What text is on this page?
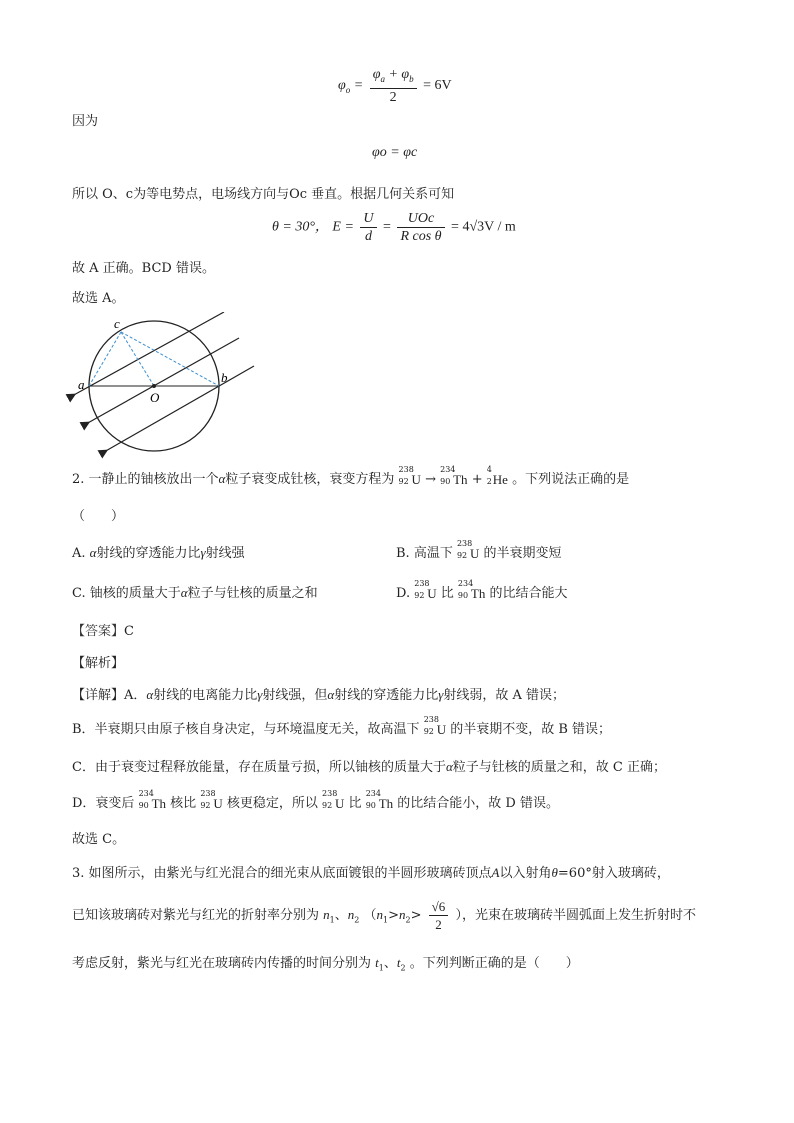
$\varphi_o = \frac{\varphi_a + \varphi_b}{2} = 6V$
因为
φo = φc
所以 O、c为等电势点，电场线方向与Oc 垂直。根据几何关系可知
θ = 30°， $E = \frac{U}{d} = \frac{\text{UOc}}{\text{R cos θ}} = 4√3V / m$
故 A 正确。BCD 错误。
故选 A。
c
a	b
O
2. 一静止的铀核放出一个α粒子衰变成钍核，衰变方程为
238
92 U →
234
90 Th +
4
2 He 。下列说法正确的是
（　　）
A. α射线的穿透能力比γ射线强	B. 高温下
238
92 U 的半衰期变短
C. 铀核的质量大于α粒子与钍核的质量之和	D.
238
92 U 比
234
90 Th 的比结合能大
【答案】C
【解析】
【详解】A．α射线的电离能力比γ射线强，但α射线的穿透能力比γ射线弱，故 A 错误；
B．半衰期只由原子核自身决定，与环境温度无关，故高温下
238
92 U 的半衰期不变，故 B 错误；
C．由于衰变过程释放能量，存在质量亏损，所以铀核的质量大于α粒子与钍核的质量之和，故 C 正确；
D．衰变后
234
90 Th 核比
238
92 U 核更稳定，所以
238
92 U 比
234
90 Th 的比结合能小，故 D 错误。
故选 C。
3. 如图所示，由紫光与红光混合的细光束从底面镀银的半圆形玻璃砖顶点A以入射角θ=60°射入玻璃砖，
已知该玻璃砖对紫光与红光的折射率分别为 $n_1$、$n_2$ （$n_1>n_2> \frac{√6}{2}$ ），光束在玻璃砖半圆弧面上发生折射时不
考虑反射，紫光与红光在玻璃砖内传播的时间分别为 $t_1$、$t_2$ 。下列判断正确的是（　　）
